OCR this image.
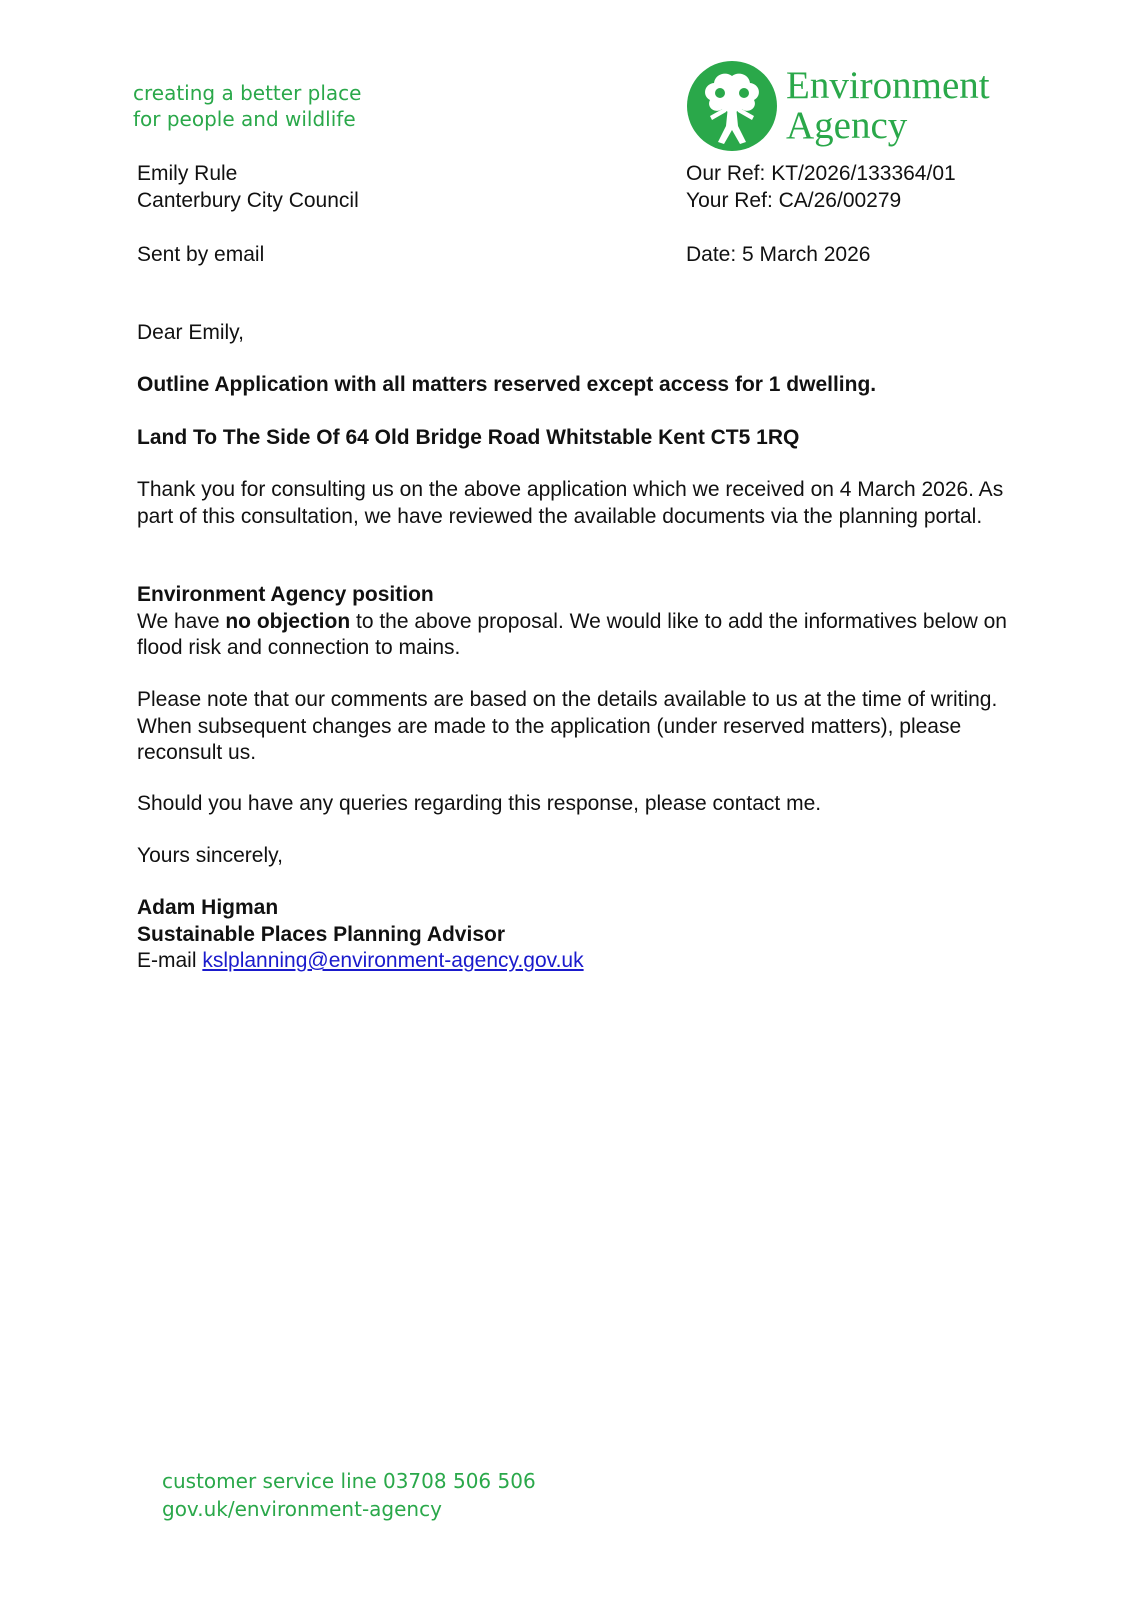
creating a better place
for people and wildlife
Environment
Agency
Emily Rule
Canterbury City Council
Sent by email
Our Ref: KT/2026/133364/01
Your Ref: CA/26/00279
Date: 5 March 2026
Dear Emily,
Outline Application with all matters reserved except access for 1 dwelling.
Land To The Side Of 64 Old Bridge Road Whitstable Kent CT5 1RQ
Thank you for consulting us on the above application which we received on 4 March 2026. As part of this consultation, we have reviewed the available documents via the planning portal.
Environment Agency position
We have no objection to the above proposal. We would like to add the informatives below on flood risk and connection to mains.
Please note that our comments are based on the details available to us at the time of writing. When subsequent changes are made to the application (under reserved matters), please reconsult us.
Should you have any queries regarding this response, please contact me.
Yours sincerely,
Adam Higman
Sustainable Places Planning Advisor
E-mail kslplanning@environment-agency.gov.uk
customer service line 03708 506 506
gov.uk/environment-agency
